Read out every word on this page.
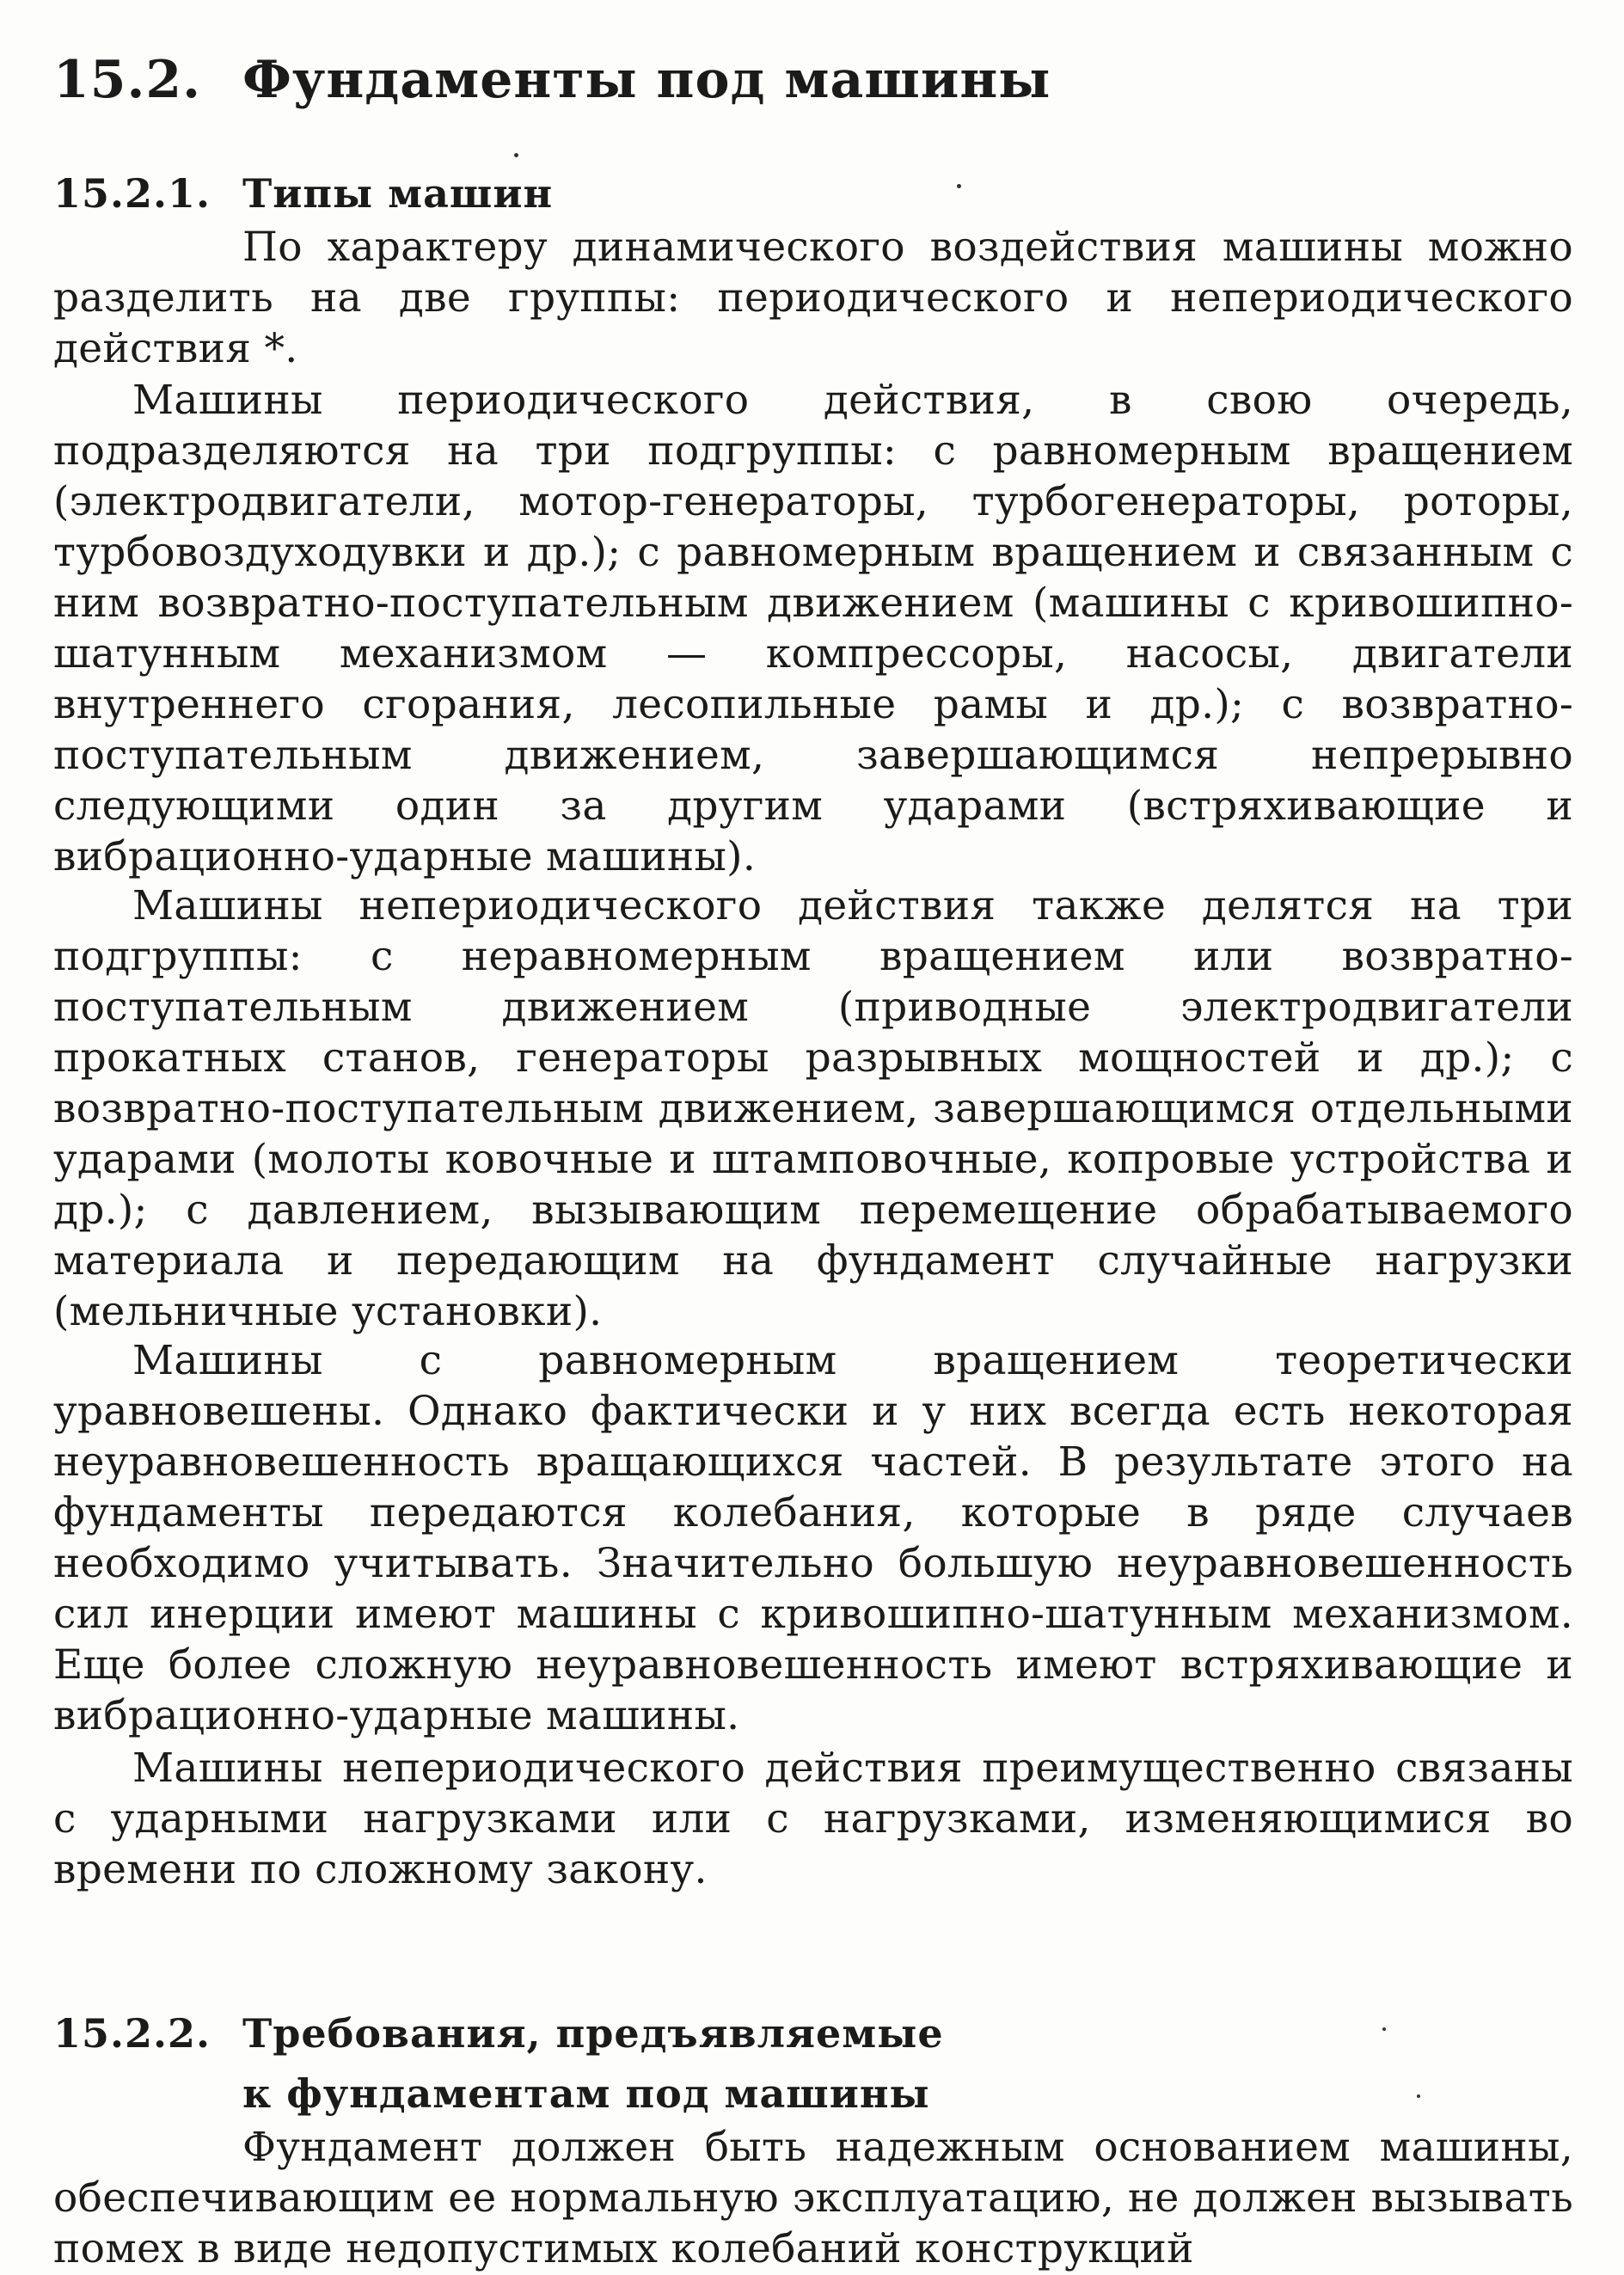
15.2. Фундаменты под машины
15.2.1. Типы машин

По характеру динамического воздействия машины можно разделить на две группы: периодического и непериодического действия *.

Машины периодического действия, в свою очередь, подразделяются на три подгруппы: с равномерным вращением (электродвигатели, мотор-генераторы, турбогенераторы, роторы, турбовоздуходувки и др.); с равномерным вращением и связанным с ним возвратно-поступательным движением (машины с кривошипно-шатунным механизмом — компрессоры, насосы, двигатели внутреннего сгорания, лесопильные рамы и др.); с возвратно-поступательным движением, завершающимся непрерывно следующими один за другим ударами (встряхивающие и вибрационно-ударные машины).

Машины непериодического действия также делятся на три подгруппы: с неравномерным вращением или возвратно-поступательным движением (приводные электродвигатели прокатных станов, генераторы разрывных мощностей и др.); с возвратно-поступательным движением, завершающимся отдельными ударами (молоты ковочные и штамповочные, копровые устройства и др.); с давлением, вызывающим перемещение обрабатываемого материала и передающим на фундамент случайные нагрузки (мельничные установки).

Машины с равномерным вращением теоретически уравновешены. Однако фактически и у них всегда есть некоторая неуравновешенность вращающихся частей. В результате этого на фундаменты передаются колебания, которые в ряде случаев необходимо учитывать. Значительно большую неуравновешенность сил инерции имеют машины с кривошипно-шатунным механизмом. Еще более сложную неуравновешенность имеют встряхивающие и вибрационно-ударные машины.

Машины непериодического действия преимущественно связаны с ударными нагрузками или с нагрузками, изменяющимися во времени по сложному закону.

15.2.2. Требования, предъявляемые
к фундаментам под машины

Фундамент должен быть надежным основанием машины, обеспечивающим ее нормальную эксплуатацию, не должен вызывать помех в виде недопустимых колебаний конструкций
